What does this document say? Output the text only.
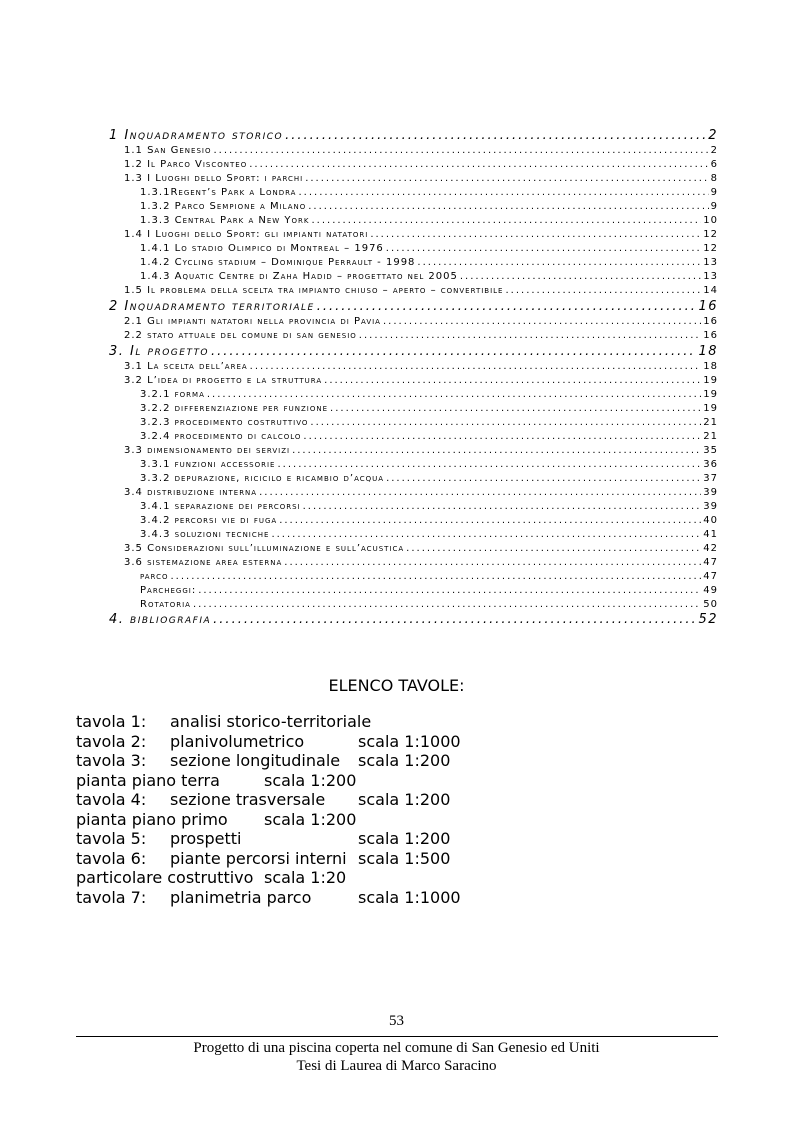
1 Inquadramento storico .....	2
1.1 San Genesio .....	2
1.2 Il Parco Visconteo .....	6
1.3 I Luoghi dello Sport: i parchi .....	8
1.3.1Regent’s Park a Londra .....	9
1.3.2 Parco Sempione a Milano .....	9
1.3.3 Central Park a New York .....	10
1.4 I Luoghi dello Sport: gli impianti natatori .....	12
1.4.1 Lo stadio Olimpico di Montreal – 1976 .....	12
1.4.2 Cycling stadium – Dominique Perrault - 1998 .....	13
1.4.3 Aquatic Centre di Zaha Hadid – progettato nel 2005 .....	13
1.5 Il problema della scelta tra impianto chiuso – aperto – convertibile .....	14
2 Inquadramento territoriale .....	16
2.1 Gli impianti natatori nella provincia di Pavia .....	16
2.2 stato attuale del comune di san genesio .....	16
3. Il progetto .....	18
3.1 La scelta dell’area .....	18
3.2 L’idea di progetto e la struttura .....	19
3.2.1 forma .....	19
3.2.2 differenziazione per funzione .....	19
3.2.3 procedimento costruttivo .....	21
3.2.4 procedimento di calcolo .....	21
3.3 dimensionamento dei servizi .....	35
3.3.1 funzioni accessorie .....	36
3.3.2 depurazione, ricicilo e ricambio d’acqua .....	37
3.4 distribuzione interna .....	39
3.4.1 separazione dei percorsi .....	39
3.4.2 percorsi vie di fuga .....	40
3.4.3 soluzioni tecniche .....	41
3.5 Considerazioni sull’illuminazione e sull’acustica .....	42
3.6 sistemazione area esterna .....	47
parco .....	47
Parcheggi: .....	49
Rotatoria .....	50
4. bibliografia .....	52
ELENCO TAVOLE:
tavola 1: analisi storico-territoriale
tavola 2: planivolumetrico	scala 1:1000
tavola 3: sezione longitudinale scala 1:200
pianta piano terra	scala 1:200
tavola 4: sezione trasversale scala 1:200
pianta piano primo scala 1:200
tavola 5: prospetti	scala 1:200
tavola 6: piante percorsi interni scala 1:500
particolare costruttivo scala 1:20
tavola 7: planimetria parco	scala 1:1000
53
Progetto di una piscina coperta nel comune di San Genesio ed Uniti
Tesi di Laurea di Marco Saracino
